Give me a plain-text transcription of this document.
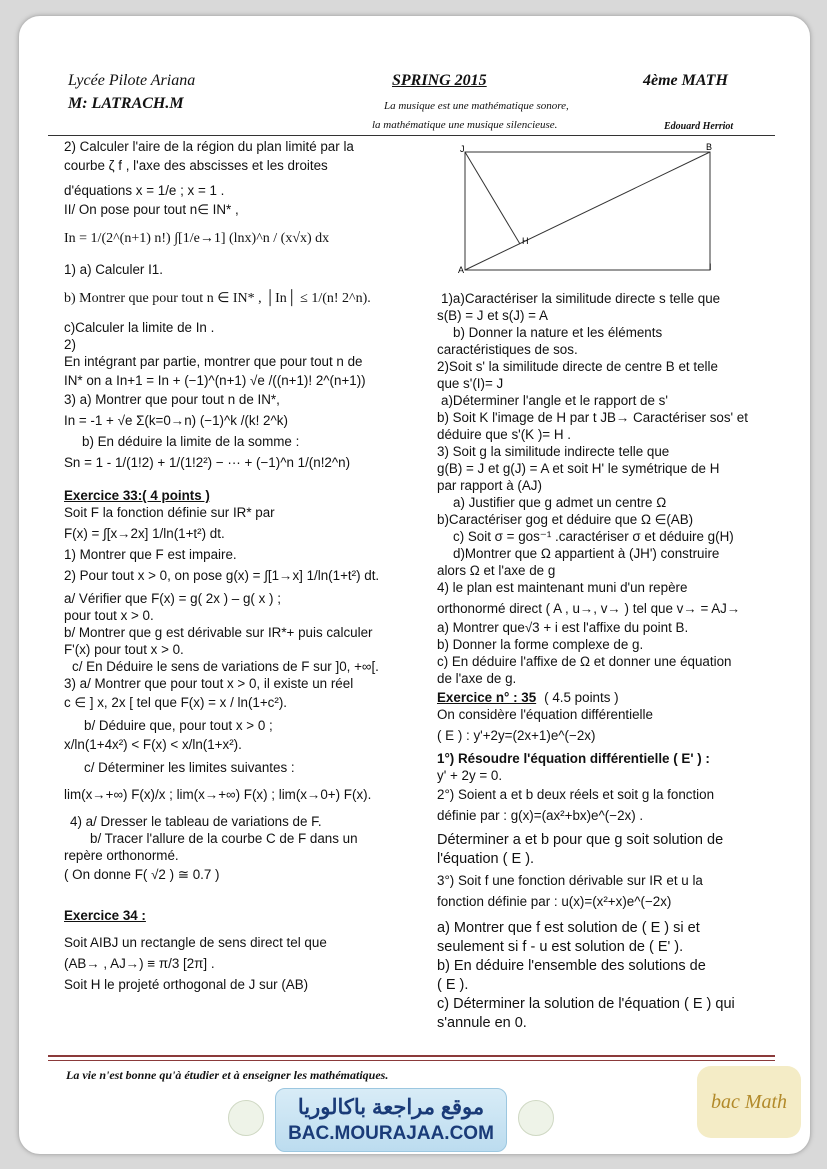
Lycée Pilote Ariana
M: LATRACH.M
SPRING 2015	4ème MATH
La musique est une mathématique sonore,
la mathématique une musique silencieuse.	Edouard Herriot
2) Calculer l'aire de la région du plan limité par la
courbe ζ f , l'axe des abscisses et les droites
d'équations x = 1/e ; x = 1 .
II/ On pose pour tout n∈ IN* ,
In = 1/(2^(n+1) n!) ∫[1/e→1] (lnx)^n / (x√x) dx
1) a) Calculer I1.
b) Montrer que pour tout n ∈ IN* , │In│ ≤ 1/(n! 2^n).
c)Calculer la limite de In .
2)
En intégrant par partie, montrer que pour tout n de
IN* on a In+1 = In + (−1)^(n+1) √e /((n+1)! 2^(n+1))
3) a) Montrer que pour tout n de IN*,
In = -1 + √e Σ(k=0→n) (−1)^k /(k! 2^k)
b) En déduire la limite de la somme :
Sn = 1 - 1/(1!2) + 1/(1!2²) − ··· + (−1)^n 1/(n!2^n)
Exercice 33:( 4 points )
Soit F la fonction définie sur IR* par
F(x) = ∫[x→2x] 1/ln(1+t²) dt.
1) Montrer que F est impaire.
2) Pour tout x > 0, on pose g(x) = ∫[1→x] 1/ln(1+t²) dt.
a/ Vérifier que F(x) = g( 2x ) – g( x ) ;
pour tout x > 0.
b/ Montrer que g est dérivable sur IR*+ puis calculer
F'(x) pour tout x > 0.
c/ En Déduire le sens de variations de F sur ]0, +∞[.
3) a/ Montrer que pour tout x > 0, il existe un réel
c ∈ ] x, 2x [ tel que F(x) = x / ln(1+c²).
b/ Déduire que, pour tout x > 0 ;
x/ln(1+4x²) < F(x) < x/ln(1+x²).
c/ Déterminer les limites suivantes :
lim(x→+∞) F(x)/x ; lim(x→+∞) F(x) ; lim(x→0+) F(x).
4) a/ Dresser le tableau de variations de F.
b/ Tracer l'allure de la courbe C de F dans un
repère orthonormé.
( On donne F( √2 ) ≅ 0.7 )
Exercice 34 :
Soit AIBJ un rectangle de sens direct tel que
(AB→ , AJ→) ≡ π/3 [2π] .
Soit H le projeté orthogonal de J sur (AB)
J	B
A	I
H
1)a)Caractériser la similitude directe s telle que
s(B) = J et s(J) = A
b) Donner la nature et les éléments
caractéristiques de sos.
2)Soit s' la similitude directe de centre B et telle
que s'(I)= J
a)Déterminer l'angle et le rapport de s'
b) Soit K l'image de H par t JB→ Caractériser sos' et
déduire que s'(K )= H .
3) Soit g la similitude indirecte telle que
g(B) = J et g(J) = A et soit H' le symétrique de H
par rapport à (AJ)
a) Justifier que g admet un centre Ω
b)Caractériser gog et déduire que Ω ∈(AB)
c) Soit σ = gos⁻¹ .caractériser σ et déduire g(H)
d)Montrer que Ω appartient à (JH') construire
alors Ω et l'axe de g
4) le plan est maintenant muni d'un repère
orthonormé direct ( A , u→, v→ ) tel que v→ = AJ→
a) Montrer que√3 + i est l'affixe du point B.
b) Donner la forme complexe de g.
c) En déduire l'affixe de Ω et donner une équation
de l'axe de g.
Exercice n° : 35 ( 4.5 points )
On considère l'équation différentielle
( E ) : y'+2y=(2x+1)e^(−2x)
1°) Résoudre l'équation différentielle ( E' ) :
y' + 2y = 0.
2°) Soient a et b deux réels et soit g la fonction
définie par : g(x)=(ax²+bx)e^(−2x) .
Déterminer a et b pour que g soit solution de
l'équation ( E ).
3°) Soit f une fonction dérivable sur IR et u la
fonction définie par : u(x)=(x²+x)e^(−2x)
a) Montrer que f est solution de ( E ) si et
seulement si f - u est solution de ( E' ).
b) En déduire l'ensemble des solutions de
( E ).
c) Déterminer la solution de l'équation ( E ) qui
s'annule en 0.
La vie n'est bonne qu'à étudier et à enseigner les mathématiques.
موقع مراجعة باكالوريا
BAC.MOURAJAA.COM
bac Math
